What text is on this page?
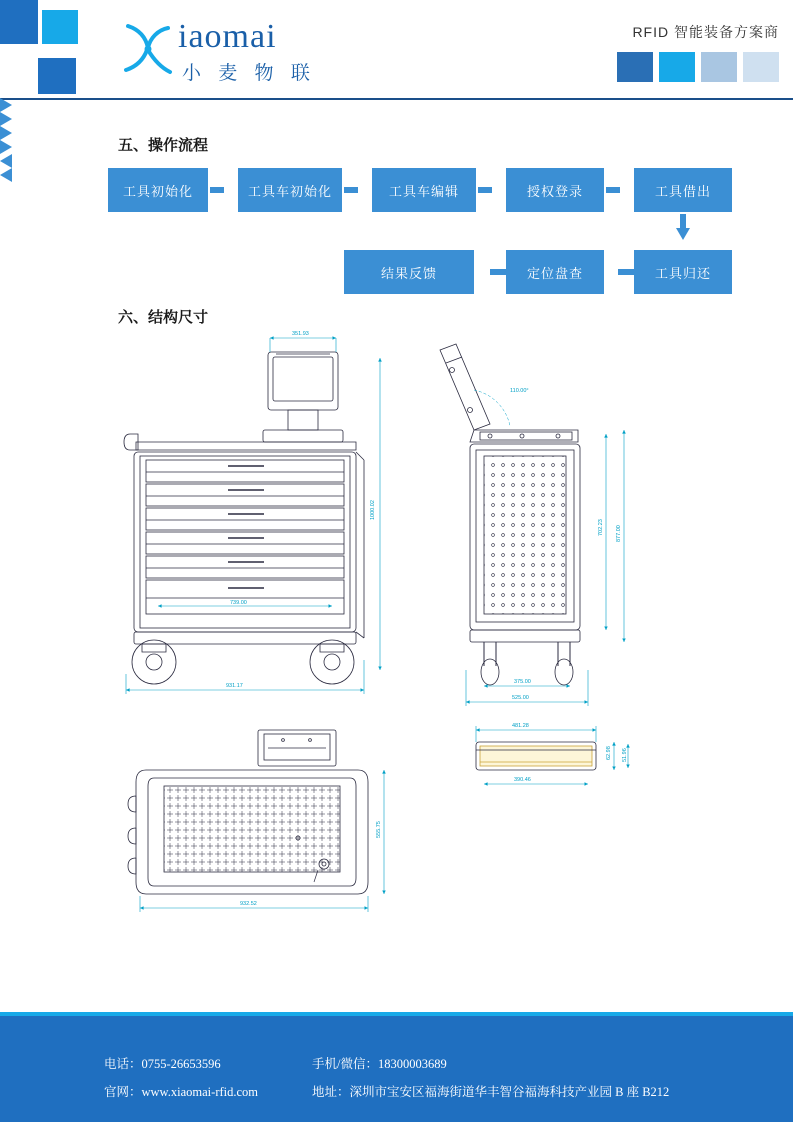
iaomai
小 麦 物 联
RFID 智能装备方案商
五、操作流程
工具初始化	工具车初始化	工具车编辑	授权登录	工具借出
工具归还
定位盘查
结果反馈
六、结构尺寸
351.93
931.17
1000.02
739.00
110.00°
702.23 877.00
375.00
525.00
932.52
555.75
481.28
62.98 51.96
390.46
电话：0755-26653596	手机/微信：18300003689
官网：www.xiaomai-rfid.com	地址：深圳市宝安区福海街道华丰智谷福海科技产业园 B 座 B212
